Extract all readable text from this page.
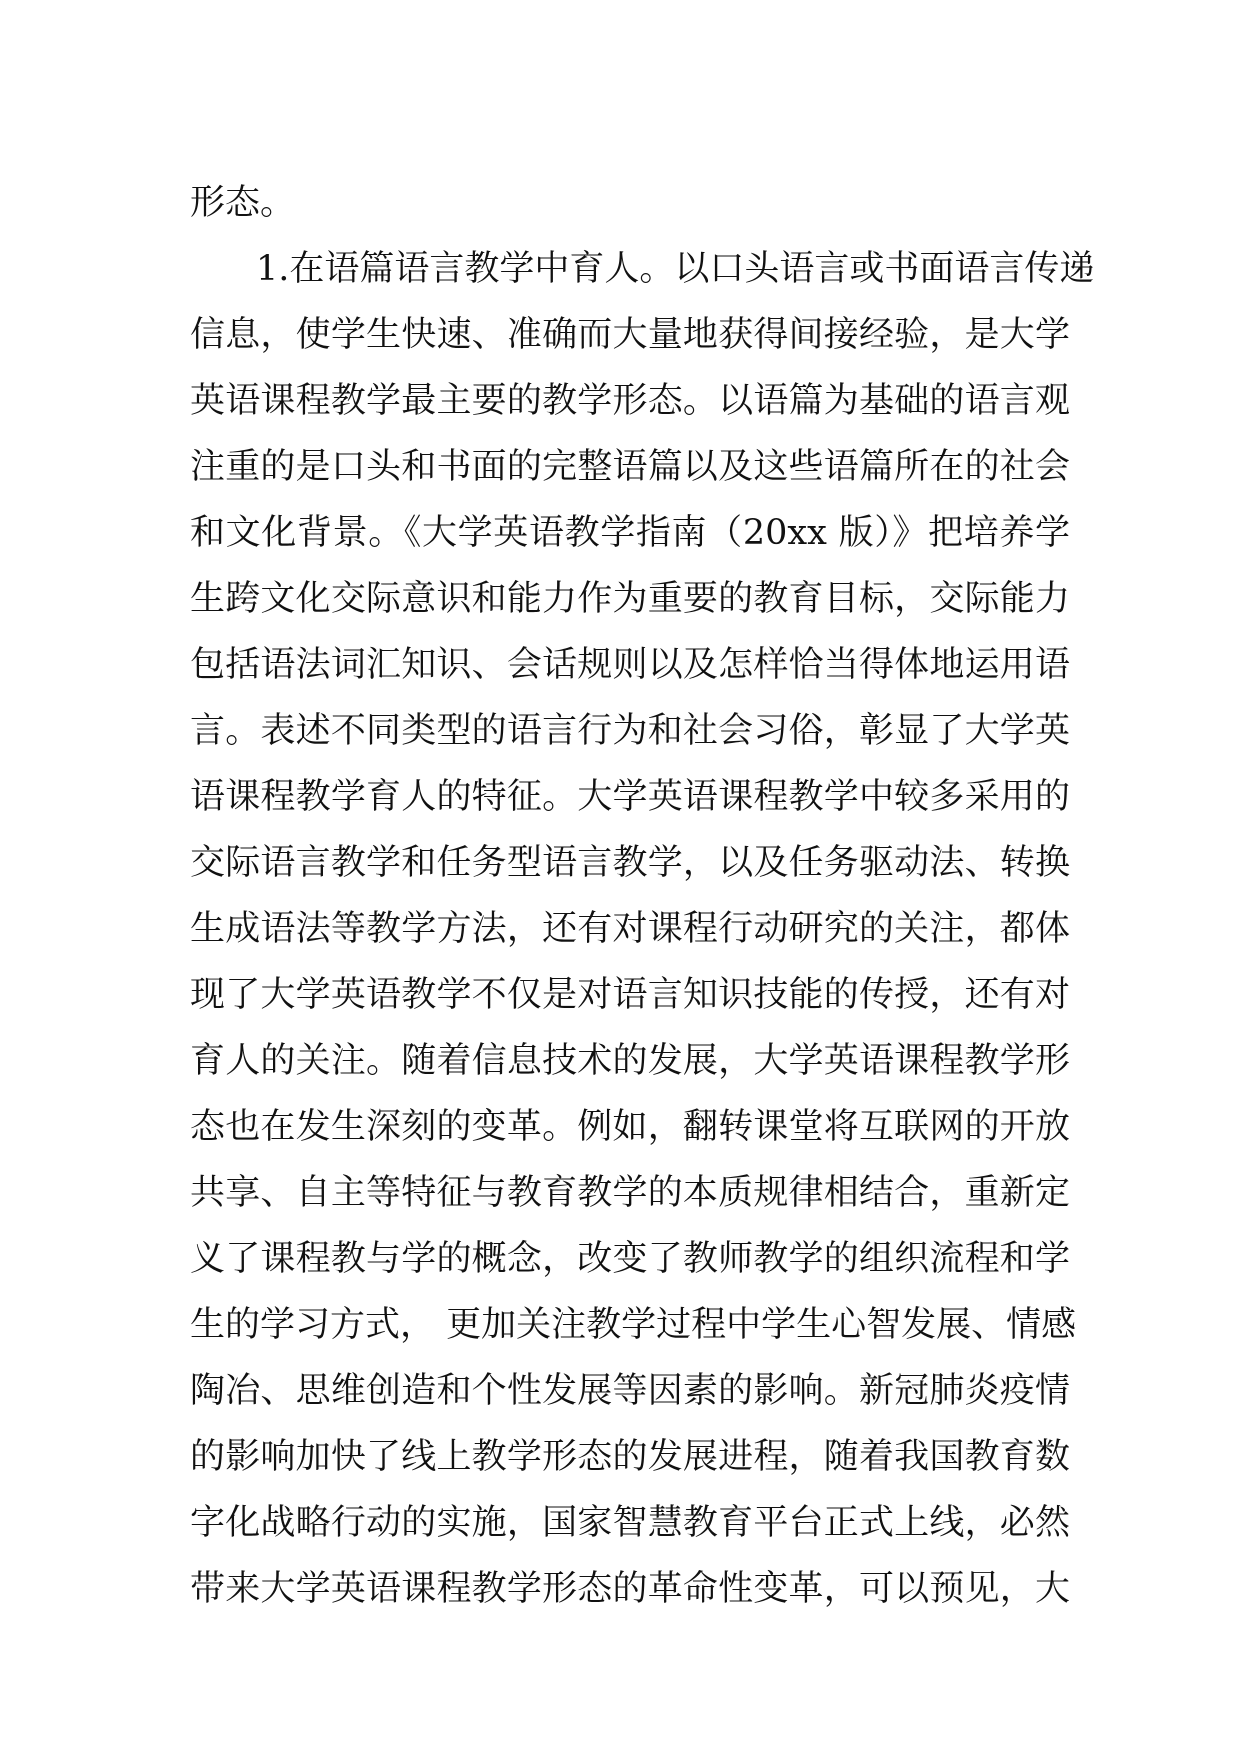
形态。
1.在语篇语言教学中育人。以口头语言或书面语言传递
信息，使学生快速、准确而大量地获得间接经验，是大学
英语课程教学最主要的教学形态。以语篇为基础的语言观
注重的是口头和书面的完整语篇以及这些语篇所在的社会
和文化背景。《大学英语教学指南（20xx 版）》把培养学
生跨文化交际意识和能力作为重要的教育目标，交际能力
包括语法词汇知识、会话规则以及怎样恰当得体地运用语
言。表述不同类型的语言行为和社会习俗，彰显了大学英
语课程教学育人的特征。大学英语课程教学中较多采用的
交际语言教学和任务型语言教学，以及任务驱动法、转换
生成语法等教学方法，还有对课程行动研究的关注，都体
现了大学英语教学不仅是对语言知识技能的传授，还有对
育人的关注。随着信息技术的发展，大学英语课程教学形
态也在发生深刻的变革。例如，翻转课堂将互联网的开放
共享、自主等特征与教育教学的本质规律相结合，重新定
义了课程教与学的概念，改变了教师教学的组织流程和学
生的学习方式， 更加关注教学过程中学生心智发展、情感
陶冶、思维创造和个性发展等因素的影响。新冠肺炎疫情
的影响加快了线上教学形态的发展进程，随着我国教育数
字化战略行动的实施，国家智慧教育平台正式上线，必然
带来大学英语课程教学形态的革命性变革，可以预见，大
